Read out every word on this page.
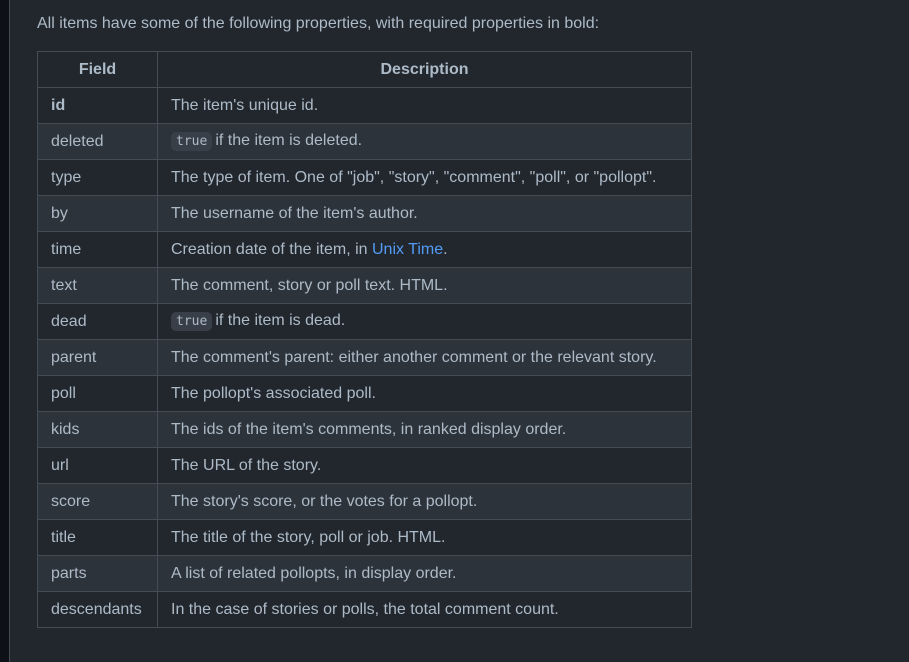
All items have some of the following properties, with required properties in bold:

Field	Description
id	The item's unique id.
deleted	true if the item is deleted.
type	The type of item. One of "job", "story", "comment", "poll", or "pollopt".
by	The username of the item's author.
time	Creation date of the item, in Unix Time.
text	The comment, story or poll text. HTML.
dead	true if the item is dead.
parent	The comment's parent: either another comment or the relevant story.
poll	The pollopt's associated poll.
kids	The ids of the item's comments, in ranked display order.
url	The URL of the story.
score	The story's score, or the votes for a pollopt.
title	The title of the story, poll or job. HTML.
parts	A list of related pollopts, in display order.
descendants	In the case of stories or polls, the total comment count.
